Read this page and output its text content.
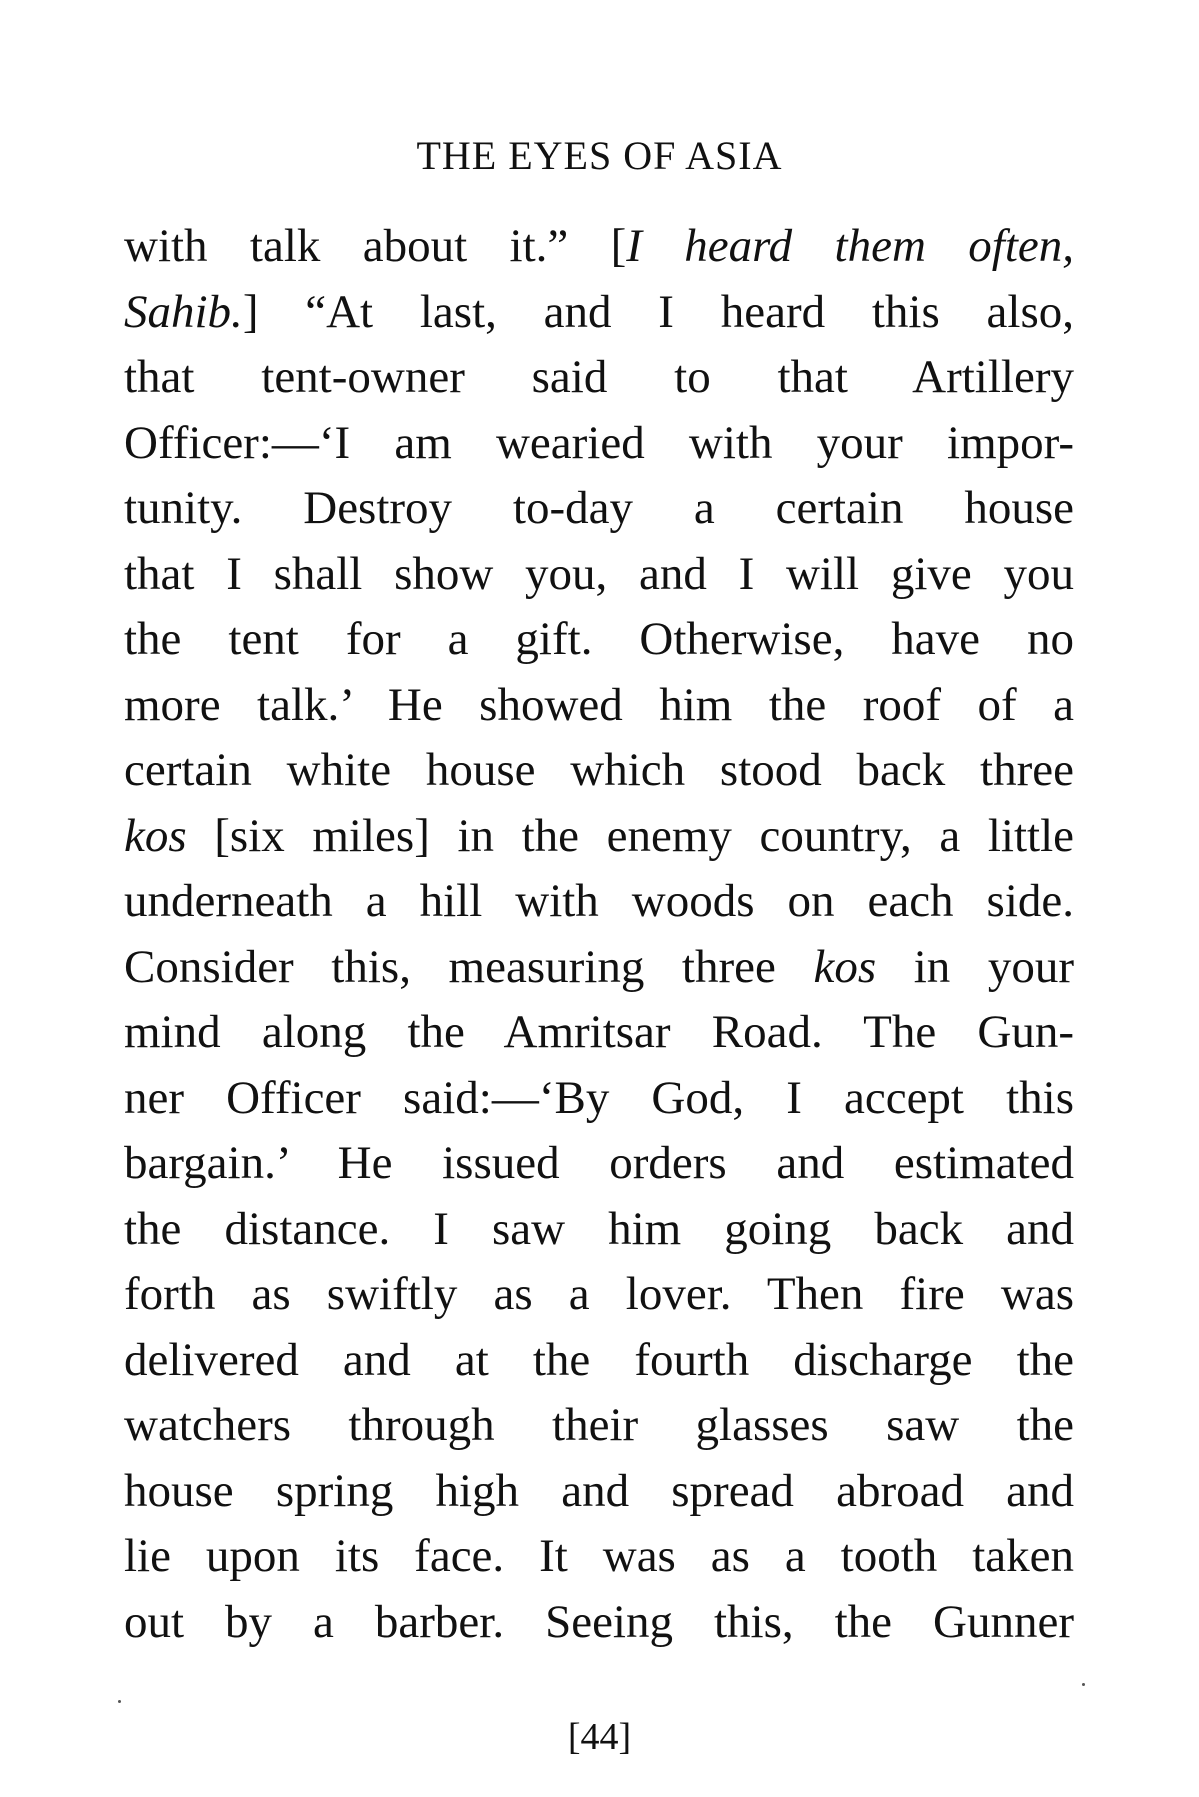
THE EYES OF ASIA
with talk about it.” [I heard them often,
Sahib.] “At last, and I heard this also,
that tent-owner said to that Artillery
Officer:—‘I am wearied with your impor-
tunity. Destroy to-day a certain house
that I shall show you, and I will give you
the tent for a gift. Otherwise, have no
more talk.’ He showed him the roof of a
certain white house which stood back three
kos [six miles] in the enemy country, a little
underneath a hill with woods on each side.
Consider this, measuring three kos in your
mind along the Amritsar Road. The Gun-
ner Officer said:—‘By God, I accept this
bargain.’ He issued orders and estimated
the distance. I saw him going back and
forth as swiftly as a lover. Then fire was
delivered and at the fourth discharge the
watchers through their glasses saw the
house spring high and spread abroad and
lie upon its face. It was as a tooth taken
out by a barber. Seeing this, the Gunner
[44]
